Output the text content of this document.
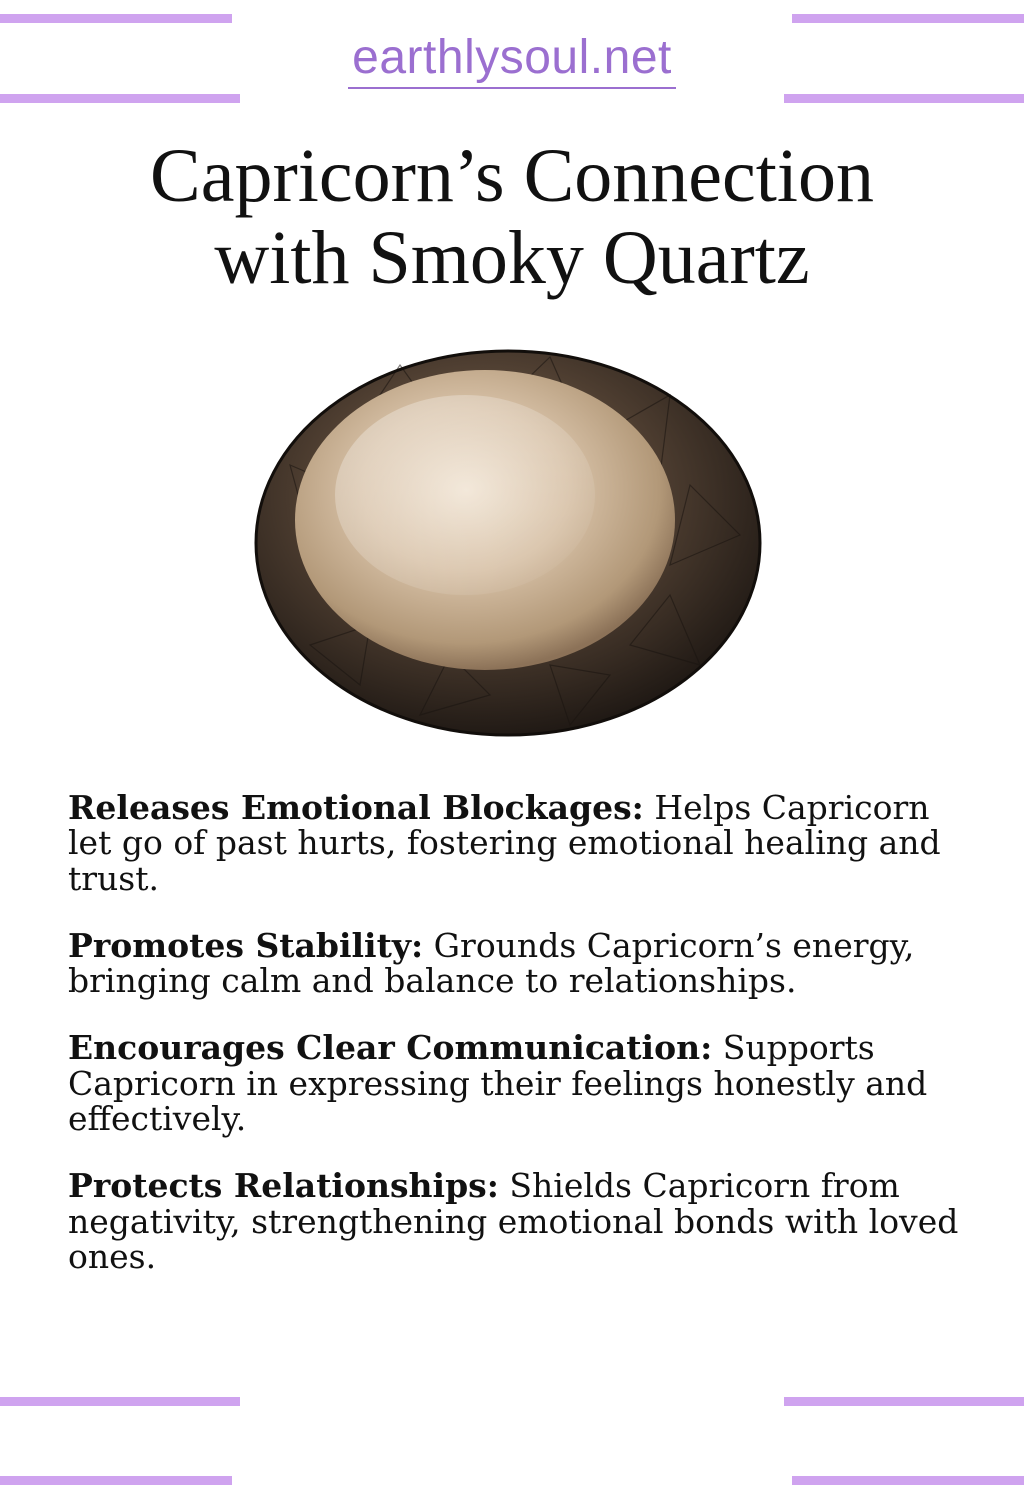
earthlysoul.net
Capricorn’s Connection
with Smoky Quartz

Releases Emotional Blockages: Helps Capricorn let go of past hurts, fostering emotional healing and trust.

Promotes Stability: Grounds Capricorn’s energy, bringing calm and balance to relationships.

Encourages Clear Communication: Supports Capricorn in expressing their feelings honestly and effectively.

Protects Relationships: Shields Capricorn from negativity, strengthening emotional bonds with loved ones.
